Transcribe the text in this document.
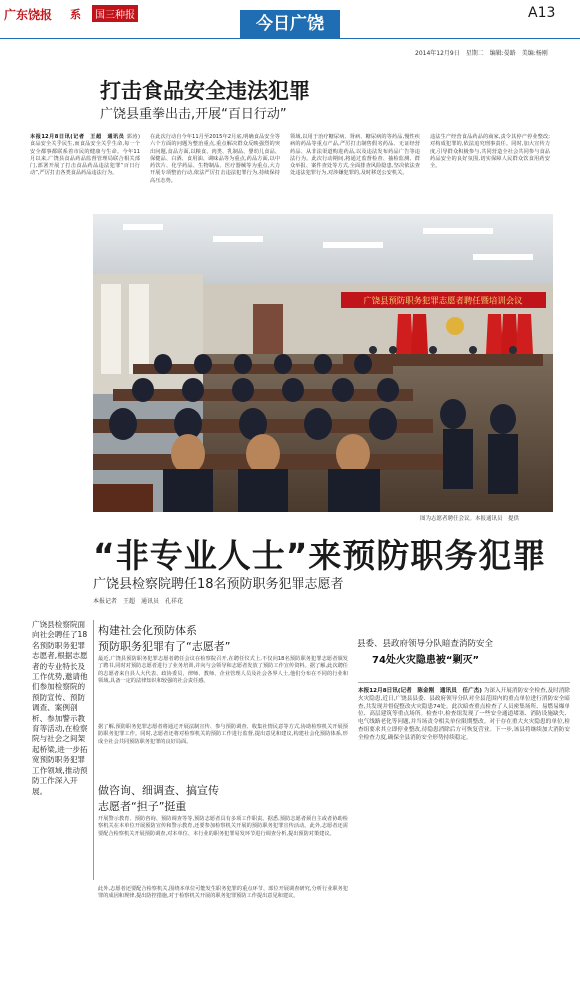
广东饶报 系	国三种报	今日广饶
A13
2014年12月9日　星期二　编辑:晏路　美编:杨刚
打击食品安全违法犯罪
广饶县重拳出击,开展“百日行动”
本报12月8日讯(记者　王超　通讯员 郭涛)　食品安全关乎民生,而食品安全关乎生命,每一个安全都事都联系着市民的健康与生命。今年11月以来,广饶县食品药品监督管理局联合相关部门,部署开展了打击食品药品违法犯罪“百日行动”,严厉打击各类食品药品违法行为。
在此次行动自今年11月至2015年2月底,明确食品安全等六个方面的问题为整治重点,重点解决群众反映强烈的突出问题,食品方面,以粮食、肉类、乳制品、婴幼儿食品、保健品、白酒、食用油、调味品等为重点,药品方面,以中药饮片、化学药品、生物制品、医疗器械等为重点,大力开展专项整治行动,依法严厉打击违法犯罪行为,持续保持高压态势。
领域,以用于治疗糖尿病、肾病、糖尿病的等药品,慢性疾病的药品等重点产品,严厉打击制售假劣药品、无证经营药品、从非法渠道购进药品,以及违法发布药品广告等违法行为。此次行动期间,将通过监督检查、抽检监测、群众举报、案件查处等方式,全面排查风险隐患,坚决依法查处违法犯罪行为,对涉嫌犯罪的,及时移送公安机关。
违法生产经营食品药品的商家,责令其停产停业整改;对构成犯罪的,依法追究刑事责任。同时,加大宣传力度,引导群众积极参与,共同营造全社会共同参与食品药品安全的良好氛围,切实保障人民群众饮食用药安全。
广饶县预防职务犯罪志愿者聘任暨培训会议
图为志愿者聘任会议。本报通讯员　提供
“非专业人士”来预防职务犯罪
广饶县检察院聘任18名预防职务犯罪志愿者
本报记者　王超　通讯员　孔祥花
广饶县检察院面向社会聘任了18名预防职务犯罪志愿者,根据志愿者的专业特长及工作优势,邀请他们参加检察院的预防宣传、预防调查、案例剖析、参加警示教育等活动,在检察院与社会之间架起桥梁,进一步拓宽预防职务犯罪工作领域,推动预防工作深入开展。
构建社会化预防体系
预防职务犯罪有了“志愿者”
最近,广饶县预防职务犯罪志愿者聘任会议在检察院召开,在聘任仪式上,不仅向18名预防职务犯罪志愿者颁发了聘书,同时对预防志愿者进行了业务培训,并向与会领导和志愿者发放了预防工作宣传资料。据了解,此次聘任的志愿者来自县人大代表、政协委员、律师、教师、企业管理人员及社会各界人士,他们分布在不同的行业和领域,具备一定的法律知识和较强的社会责任感。
据了解,预防职务犯罪志愿者将通过开展法制宣传、参与预防调查、收集社情民意等方式,协助检察机关开展预防职务犯罪工作。同时,志愿者还将对检察机关的预防工作进行监督,提出意见和建议,构建社会化预防体系,形成全社会共同预防职务犯罪的良好局面。
做咨询、细调查、搞宣传
志愿者“担子”挺重
开展警示教育、预防咨询、预防调查等等,预防志愿者具有多项工作职责。据悉,预防志愿者须自主或者协助检察机关在本单位开展预防宣传和警示教育,还要参加检察机关开展的预防职务犯罪宣传活动。此外,志愿者还需要配合检察机关开展预防调查,对本单位、本行业的职务犯罪易发环节进行调查分析,提出预防对策建议。
此外,志愿者还要配合检察机关,围绕本单位可能发生职务犯罪的重点环节、部位开展调查研究,分析行业职务犯罪的成因和规律,提出防控措施,对于检察机关开展的职务犯罪预防工作提出意见和建议。
县委、县政府领导分队暗查消防安全
74处火灾隐患被“剿灭”
本报12月8日讯(记者　陈金刚　通讯员　任广杰) 为深入开展消防安全检查,及时消除火灾隐患,近日,广饶县县委、县政府领导分队对全县范围内的重点单位进行消防安全暗查,共发现并督促整改火灾隐患74处。此次暗查重点检查了人员密集场所、易燃易爆单位、高层建筑等重点场所。检查中,检查组发现了一些安全通道堵塞、消防设施缺失、电气线路老化等问题,并当场责令相关单位限期整改。对于存在重大火灾隐患的单位,检查组要求其立即停业整改,待隐患消除后方可恢复营业。下一步,该县将继续加大消防安全检查力度,确保全县消防安全形势持续稳定。
